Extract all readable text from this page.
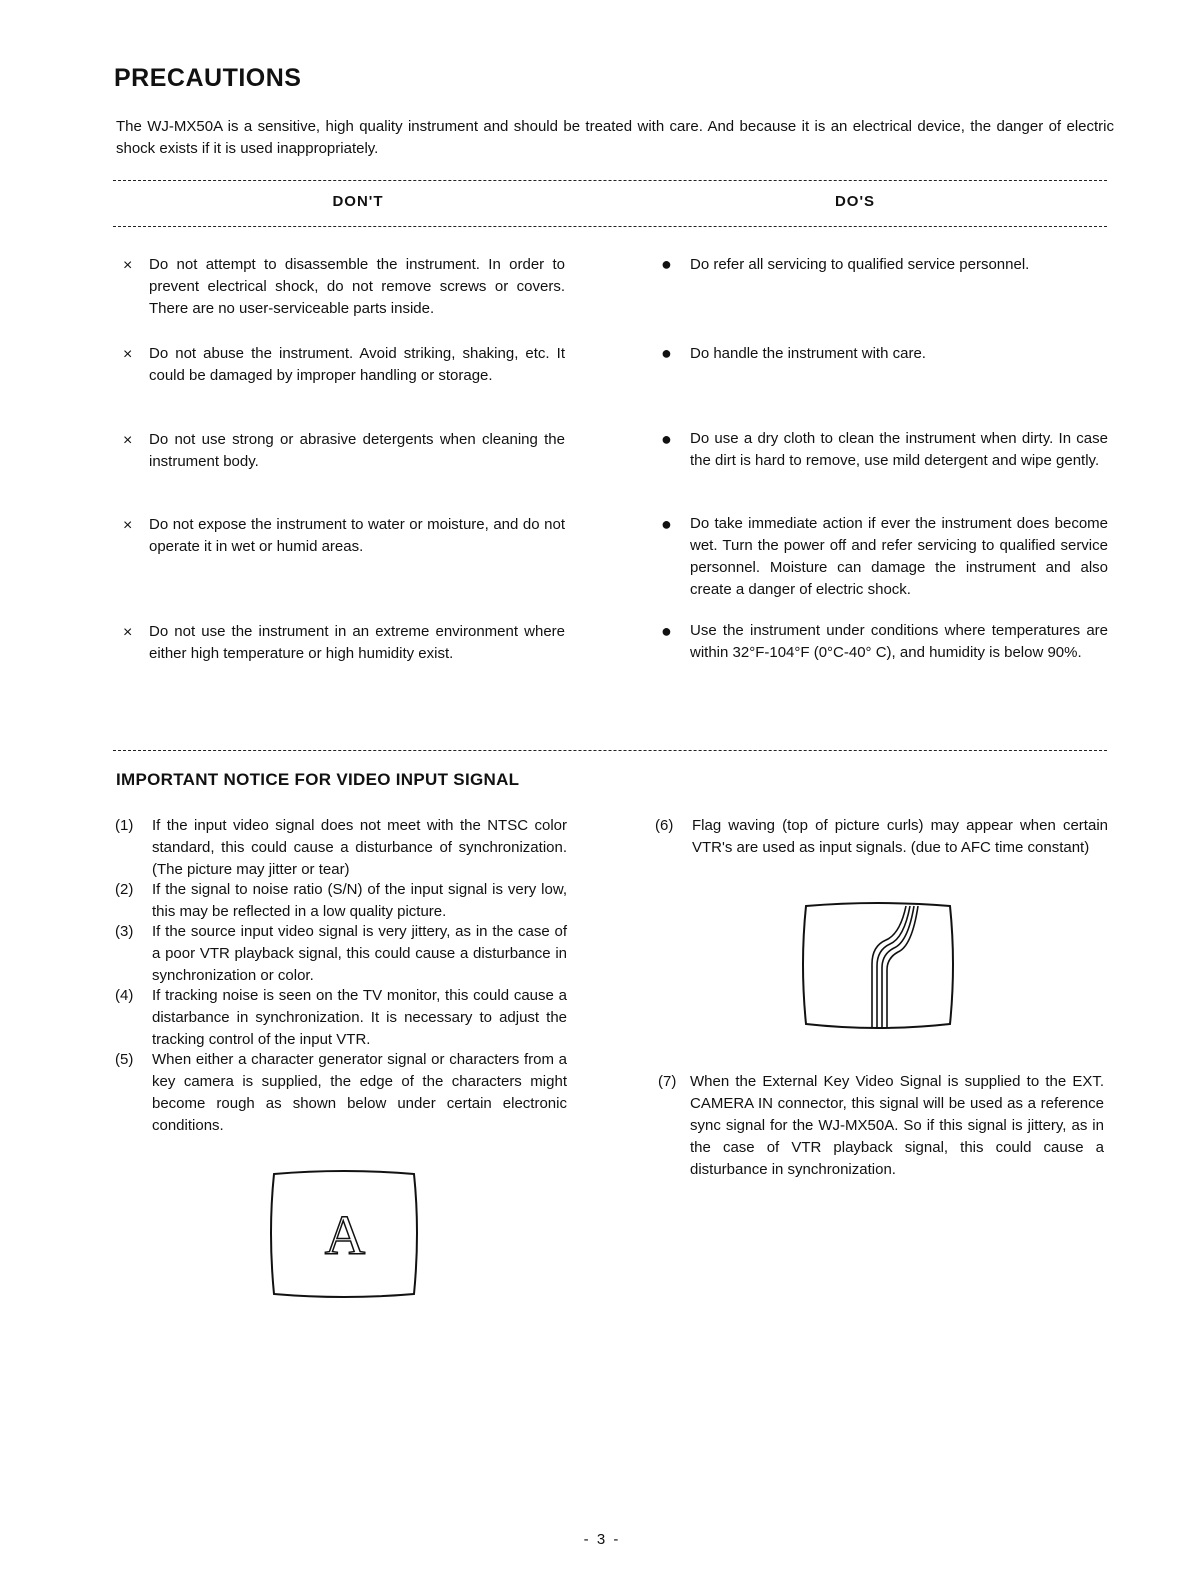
PRECAUTIONS
The WJ-MX50A is a sensitive, high quality instrument and should be treated with care. And because it is an electrical device, the danger of electric shock exists if it is used inappropriately.
DON'T	DO'S
× Do not attempt to disassemble the instrument. In order to prevent electrical shock, do not remove screws or covers. There are no user-serviceable parts inside.
× Do not abuse the instrument. Avoid striking, shaking, etc. It could be damaged by improper handling or storage.
× Do not use strong or abrasive detergents when cleaning the instrument body.
× Do not expose the instrument to water or moisture, and do not operate it in wet or humid areas.
× Do not use the instrument in an extreme environment where either high temperature or high humidity exist.
● Do refer all servicing to qualified service personnel.
● Do handle the instrument with care.
● Do use a dry cloth to clean the instrument when dirty. In case the dirt is hard to remove, use mild detergent and wipe gently.
● Do take immediate action if ever the instrument does become wet. Turn the power off and refer servicing to qualified service personnel. Moisture can damage the instrument and also create a danger of electric shock.
● Use the instrument under conditions where temperatures are within 32°F-104°F (0°C-40° C), and humidity is below 90%.
IMPORTANT NOTICE FOR VIDEO INPUT SIGNAL
(1) If the input video signal does not meet with the NTSC color standard, this could cause a disturbance of synchronization. (The picture may jitter or tear)
(2) If the signal to noise ratio (S/N) of the input signal is very low, this may be reflected in a low quality picture.
(3) If the source input video signal is very jittery, as in the case of a poor VTR playback signal, this could cause a disturbance in synchronization or color.
(4) If tracking noise is seen on the TV monitor, this could cause a distarbance in synchronization. It is necessary to adjust the tracking control of the input VTR.
(5) When either a character generator signal or characters from a key camera is supplied, the edge of the characters might become rough as shown below under certain electronic conditions.
(6) Flag waving (top of picture curls) may appear when certain VTR's are used as input signals. (due to AFC time constant)
(7) When the External Key Video Signal is supplied to the EXT. CAMERA IN connector, this signal will be used as a reference sync signal for the WJ-MX50A. So if this signal is jittery, as in the case of VTR playback signal, this could cause a disturbance in synchronization.
A
- 3 -
